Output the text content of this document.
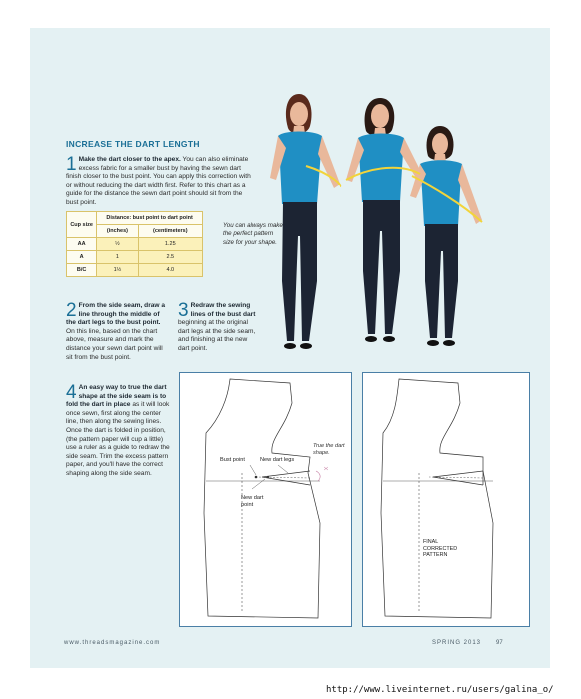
INCREASE THE DART LENGTH
1 Make the dart closer to the apex. You can also eliminate excess fabric for a smaller bust by having the sewn dart finish closer to the bust point. You can apply this correction with or without reducing the dart width first. Refer to this chart as a guide for the distance the sewn dart point should sit from the bust point.
Cup size	Distance: bust point to dart point	
	(inches)	(centimeters)
AA	½	1.25
A	1	2.5
B/C	1½	4.0
You can always make the perfect pattern size for your shape.
2 From the side seam, draw a line through the middle of the dart legs to the bust point. On this line, based on the chart above, measure and mark the distance your sewn dart point will sit from the bust point.
3 Redraw the sewing lines of the bust dart beginning at the original dart legs at the side seam, and finishing at the new dart point.
4 An easy way to true the dart shape at the side seam is to fold the dart in place as it will look once sewn, first along the center line, then along the sewing lines. Once the dart is folded in position, (the pattern paper will cup a little) use a ruler as a guide to redraw the side seam. Trim the excess pattern paper, and you'll have the correct shaping along the side seam.
Bust point	New dart legs
New dart point
True the dart shape.
FINAL CORRECTED PATTERN
www.threadsmagazine.com	SPRING 2013 97
http://www.liveinternet.ru/users/galina_o/
